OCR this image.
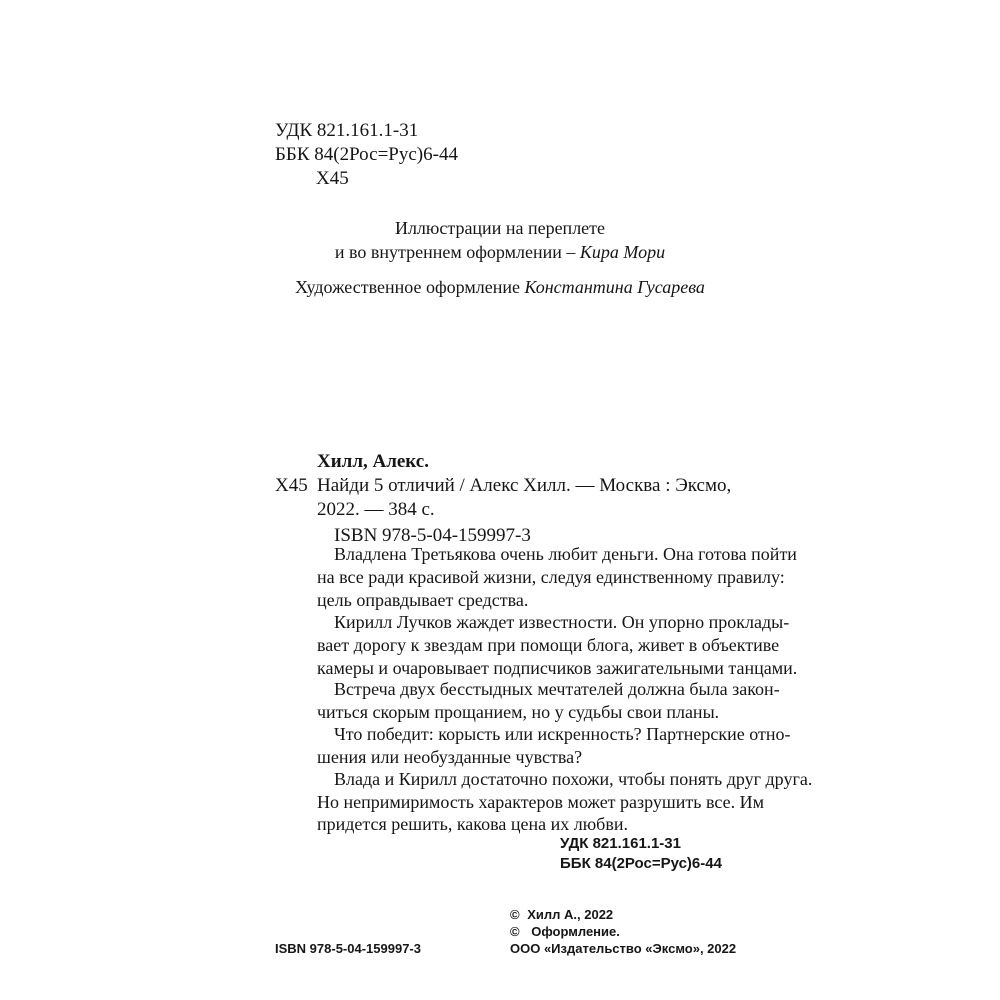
УДК 821.161.1-31
ББК 84(2Рос=Рус)6-44
Х45
Иллюстрации на переплете
и во внутреннем оформлении – Кира Мори
Художественное оформление Константина Гусарева
Хилл, Алекс.
Х45 Найди 5 отличий / Алекс Хилл. — Москва : Эксмо,
2022. — 384 с.
ISBN 978-5-04-159997-3
Владлена Третьякова очень любит деньги. Она готова пойти
на все ради красивой жизни, следуя единственному правилу:
цель оправдывает средства.
Кирилл Лучков жаждет известности. Он упорно проклады-
вает дорогу к звездам при помощи блога, живет в объективе
камеры и очаровывает подписчиков зажигательными танцами.
Встреча двух бесстыдных мечтателей должна была закон-
читься скорым прощанием, но у судьбы свои планы.
Что победит: корысть или искренность? Партнерские отно-
шения или необузданные чувства?
Влада и Кирилл достаточно похожи, чтобы понять друг друга.
Но непримиримость характеров может разрушить все. Им
придется решить, какова цена их любви.
УДК 821.161.1-31
ББК 84(2Рос=Рус)6-44
© Хилл А., 2022
© Оформление.
ООО «Издательство «Эксмо», 2022
ISBN 978-5-04-159997-3
